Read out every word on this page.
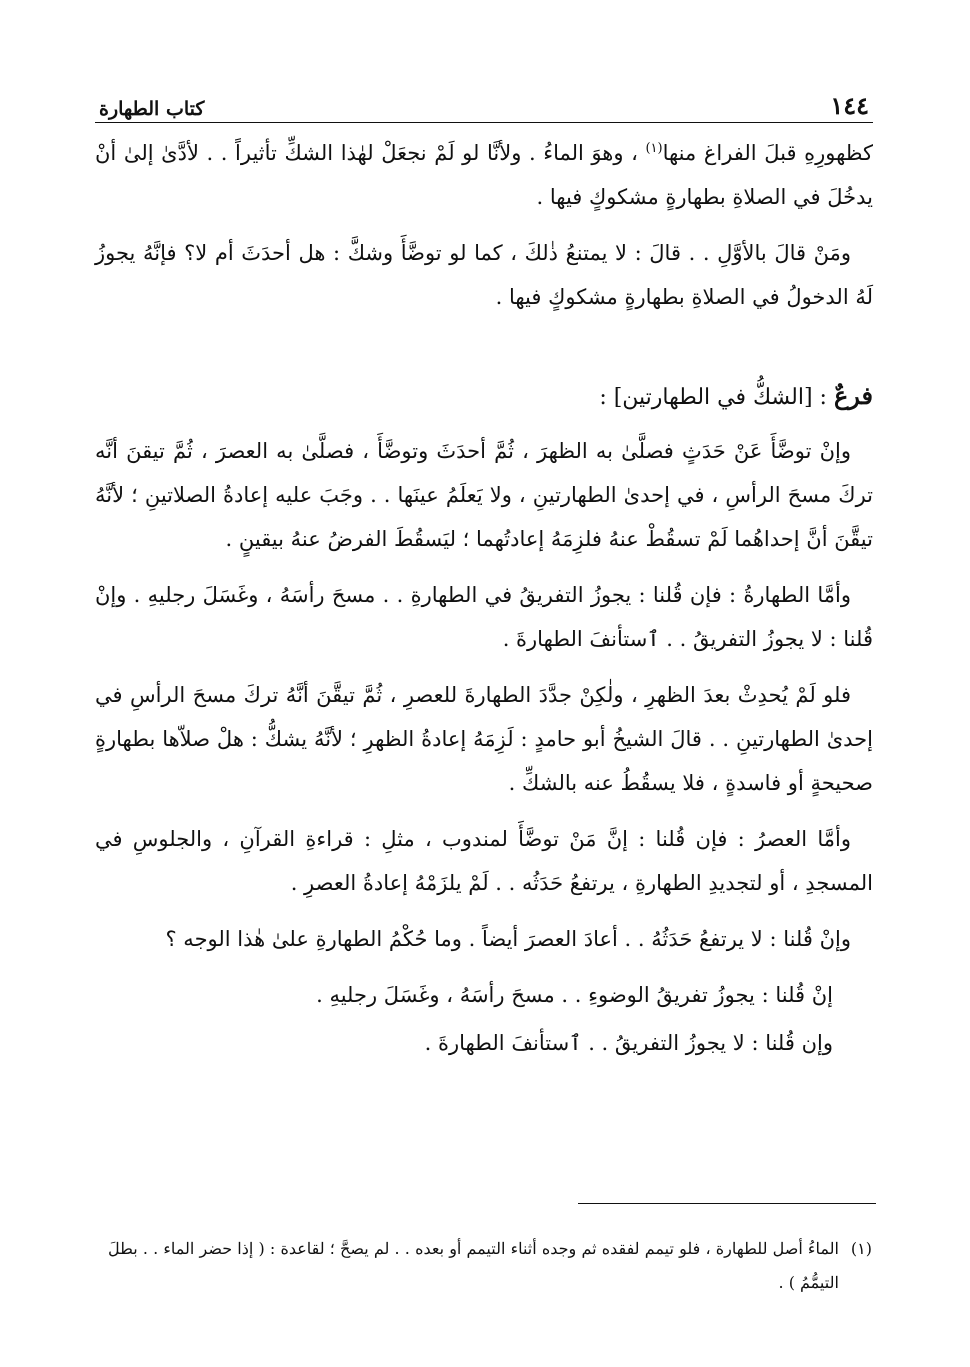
١٤٤
كتاب الطهارة

كظهورِهِ قبلَ الفراغ منها$^{(١)}$ ، وهوَ الماءُ . ولأنَّا لو لَمْ نجعَلْ لهٰذا الشكِّ تأثيراً . . لأدَّىٰ إلىٰ أنْ يدخُلَ في الصلاةِ بطهارةٍ مشكوكٍ فيها .

ومَنْ قالَ بالأوَّلِ . . قالَ : لا يمتنعُ ذٰلكَ ، كما لو توضَّأَ وشكَّ : هل أحدَثَ أم لا؟ فإنَّهُ يجوزُ لَهُ الدخولُ في الصلاةِ بطهارةٍ مشكوكٍ فيها .

فرعٌ : [الشكُّ في الطهارتين] :

وإنْ توضَّأَ عَنْ حَدَثٍ فصلَّىٰ به الظهرَ ، ثُمَّ أحدَثَ وتوضَّأَ ، فصلَّىٰ به العصرَ ، ثُمَّ تيقنَ أنَّه تركَ مسحَ الرأسِ ، في إحدىٰ الطهارتينِ ، ولا يَعلَمُ عينَها . . وجَبَ عليه إعادةُ الصلاتينِ ؛ لأنَّهُ تيقَّنَ أنَّ إحداهُما لَمْ تسقُطْ عنهُ فلزِمَهُ إعادتُهما ؛ ليَسقُطَ الفرضُ عنهُ بيقينٍ .

وأمَّا الطهارةُ : فإن قُلنا : يجوزُ التفريقُ في الطهارةِ . . مسحَ رأسَهُ ، وغَسَلَ رجليهِ . وإنْ قُلنا : لا يجوزُ التفريقُ . . ٱستأنفَ الطهارةَ .

فلو لَمْ يُحدِثْ بعدَ الظهرِ ، ولٰكِنْ جدَّدَ الطهارةَ للعصرِ ، ثُمَّ تيقَّنَ أنَّهُ تركَ مسحَ الرأسِ في إحدىٰ الطهارتينِ . . قالَ الشيخُ أبو حامدٍ : لَزِمَهُ إعادةُ الظهرِ ؛ لأنَّهُ يشكُّ : هلْ صلاّها بطهارةٍ صحيحةٍ أو فاسدةٍ ، فلا يسقُطُ عنه بالشكِّ .

وأمَّا العصرُ : فإن قُلنا : إنَّ مَنْ توضَّأَ لمندوب ، مثلِ : قراءةِ القرآنِ ، والجلوسِ في المسجدِ ، أو لتجديدِ الطهارةِ ، يرتفعُ حَدَثُه . . لَمْ يلزَمْهُ إعادةُ العصرِ .

وإنْ قُلنا : لا يرتفعُ حَدَثُهُ . . أعادَ العصرَ أيضاً . وما حُكْمُ الطهارةِ علىٰ هٰذا الوجه ؟

إنْ قُلنا : يجوزُ تفريقُ الوضوءِ . . مسحَ رأسَهُ ، وغَسَلَ رجليهِ .

وإن قُلنا : لا يجوزُ التفريقُ . . ٱستأنفَ الطهارةَ .

(١)
الماءُ أصل للطهارة ، فلو تيمم لفقده ثم وجده أثناء التيمم أو بعده . . لم يصحَّ ؛ لقاعدة : ( إذا حضر الماء . . بطلَ التيمُّمُ ) .
